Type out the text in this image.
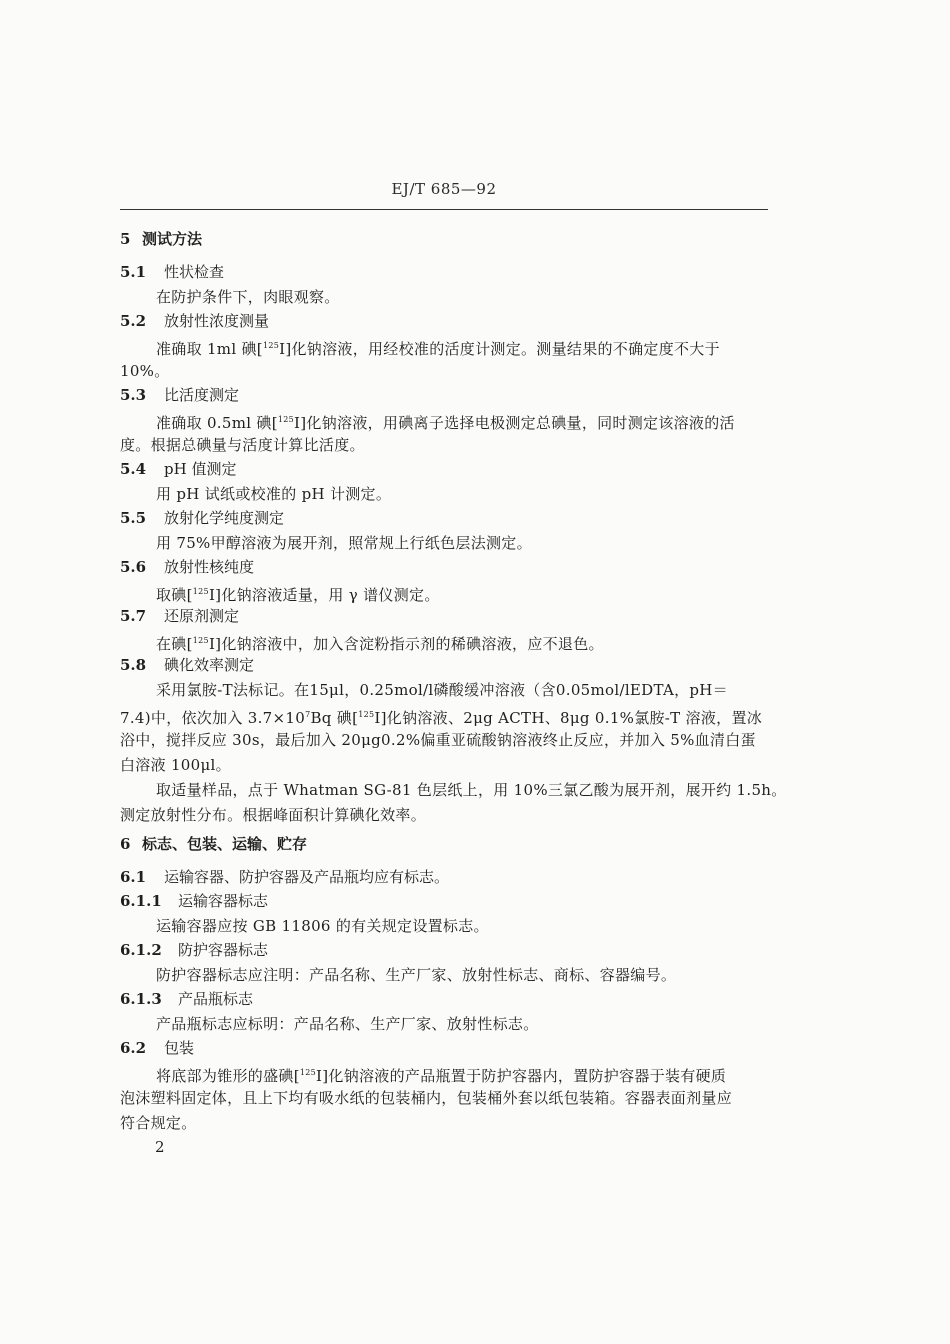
EJ/T 685—92
5 测试方法
5.1 性状检查
在防护条件下，肉眼观察。
5.2 放射性浓度测量
准确取 1ml 碘[$^{125}$I]化钠溶液，用经校准的活度计测定。测量结果的不确定度不大于
10%。
5.3 比活度测定
准确取 0.5ml 碘[$^{125}$I]化钠溶液，用碘离子选择电极测定总碘量，同时测定该溶液的活
度。根据总碘量与活度计算比活度。
5.4 pH 值测定
用 pH 试纸或校准的 pH 计测定。
5.5 放射化学纯度测定
用 75%甲醇溶液为展开剂，照常规上行纸色层法测定。
5.6 放射性核纯度
取碘[$^{125}$I]化钠溶液适量，用 γ 谱仪测定。
5.7 还原剂测定
在碘[$^{125}$I]化钠溶液中，加入含淀粉指示剂的稀碘溶液，应不退色。
5.8 碘化效率测定
采用氯胺-T法标记。在15μl，0.25mol/l磷酸缓冲溶液（含0.05mol/lEDTA，pH＝
7.4)中，依次加入 $3.7\times 10^7Bq$ 碘[$^{125}$I]化钠溶液、2μg ACTH、8μg 0.1%氯胺-T 溶液，置冰
浴中，搅拌反应 30s，最后加入 20μg0.2%偏重亚硫酸钠溶液终止反应，并加入 5%血清白蛋
白溶液 100μl。
取适量样品，点于 Whatman SG-81 色层纸上，用 10%三氯乙酸为展开剂，展开约 1.5h。
测定放射性分布。根据峰面积计算碘化效率。
6 标志、包装、运输、贮存
6.1 运输容器、防护容器及产品瓶均应有标志。
6.1.1 运输容器标志
运输容器应按 GB 11806 的有关规定设置标志。
6.1.2 防护容器标志
防护容器标志应注明：产品名称、生产厂家、放射性标志、商标、容器编号。
6.1.3 产品瓶标志
产品瓶标志应标明：产品名称、生产厂家、放射性标志。
6.2 包装
将底部为锥形的盛碘[$^{125}$I]化钠溶液的产品瓶置于防护容器内，置防护容器于装有硬质
泡沫塑料固定体，且上下均有吸水纸的包装桶内，包装桶外套以纸包装箱。容器表面剂量应
符合规定。
2
